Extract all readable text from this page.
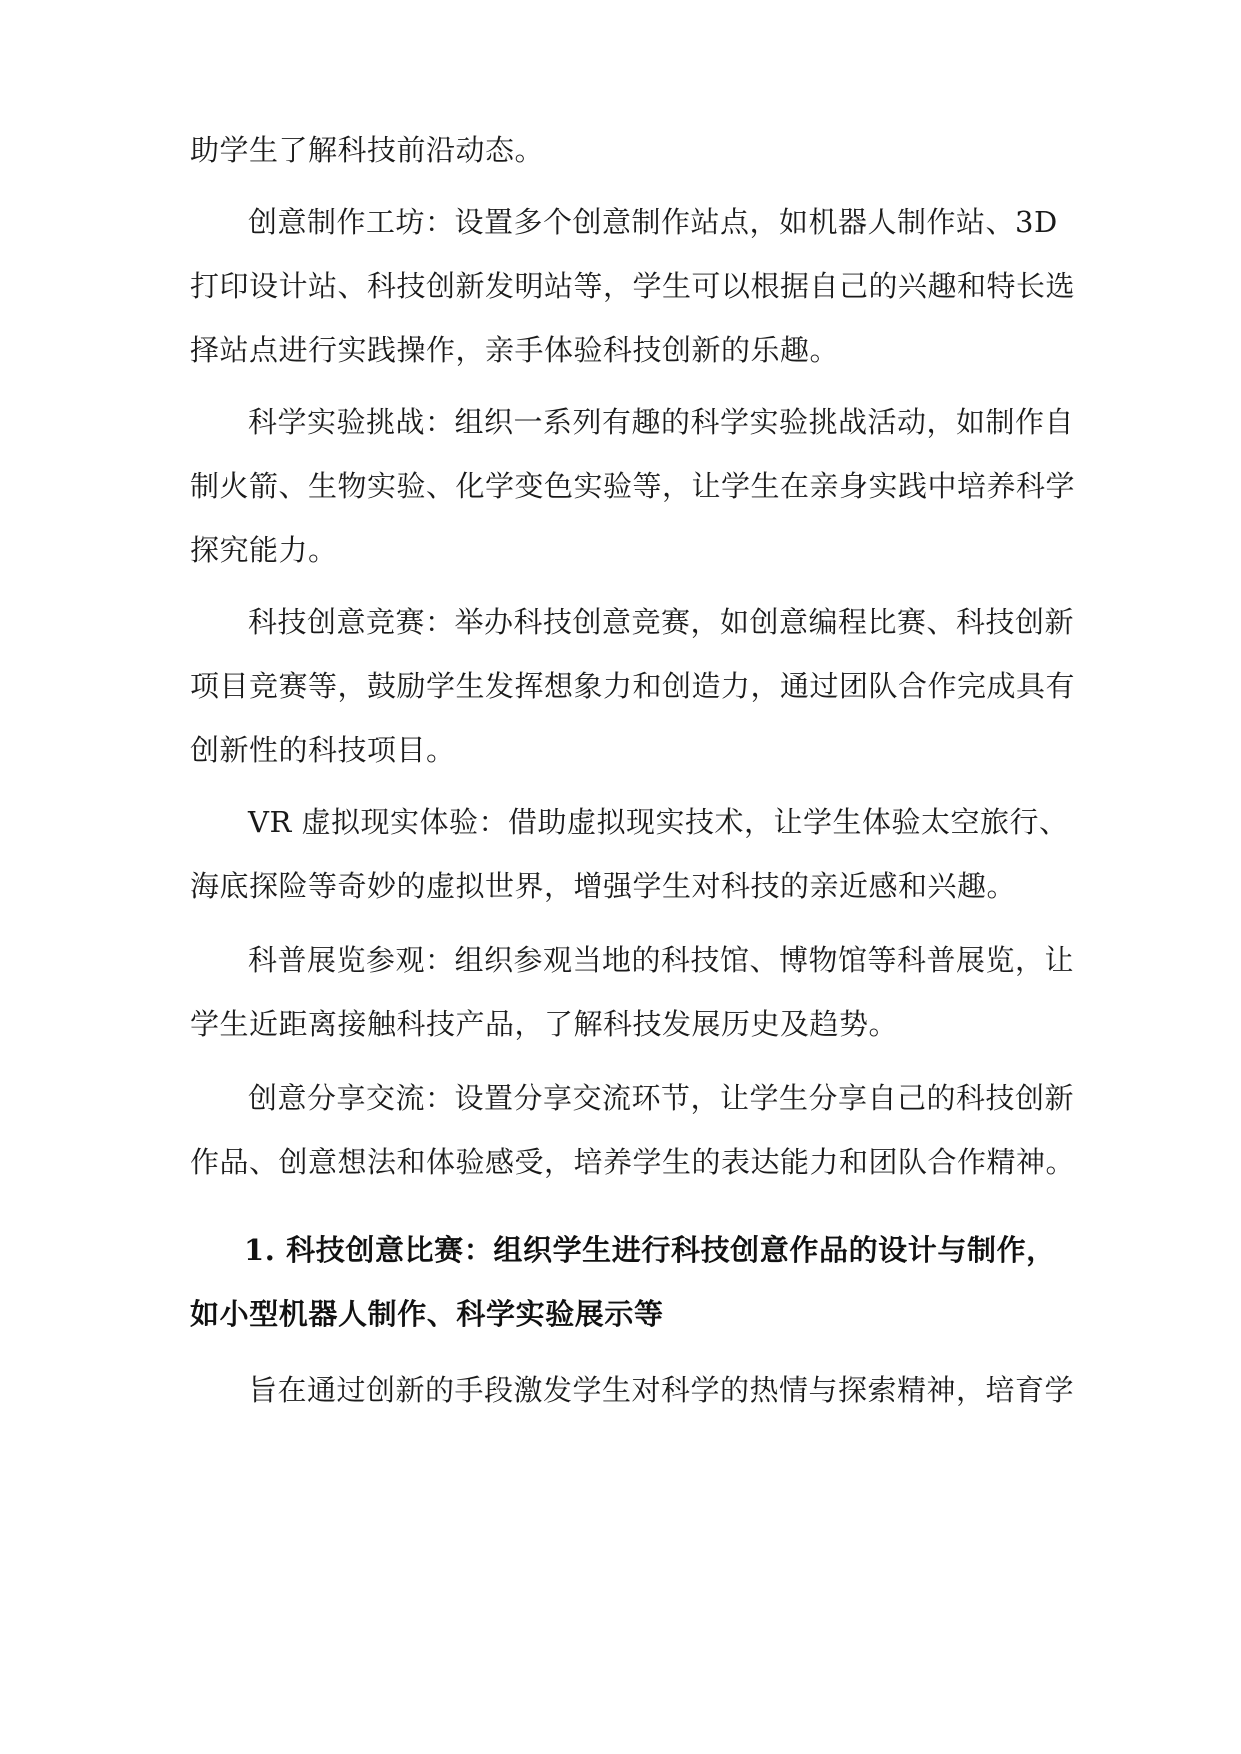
助学生了解科技前沿动态。
创意制作工坊：设置多个创意制作站点，如机器人制作站、3D
打印设计站、科技创新发明站等，学生可以根据自己的兴趣和特长选
择站点进行实践操作，亲手体验科技创新的乐趣。
科学实验挑战：组织一系列有趣的科学实验挑战活动，如制作自
制火箭、生物实验、化学变色实验等，让学生在亲身实践中培养科学
探究能力。
科技创意竞赛：举办科技创意竞赛，如创意编程比赛、科技创新
项目竞赛等，鼓励学生发挥想象力和创造力，通过团队合作完成具有
创新性的科技项目。
VR 虚拟现实体验：借助虚拟现实技术，让学生体验太空旅行、
海底探险等奇妙的虚拟世界，增强学生对科技的亲近感和兴趣。
科普展览参观：组织参观当地的科技馆、博物馆等科普展览，让
学生近距离接触科技产品，了解科技发展历史及趋势。
创意分享交流：设置分享交流环节，让学生分享自己的科技创新
作品、创意想法和体验感受，培养学生的表达能力和团队合作精神。
1. 科技创意比赛：组织学生进行科技创意作品的设计与制作，
如小型机器人制作、科学实验展示等
旨在通过创新的手段激发学生对科学的热情与探索精神，培育学
